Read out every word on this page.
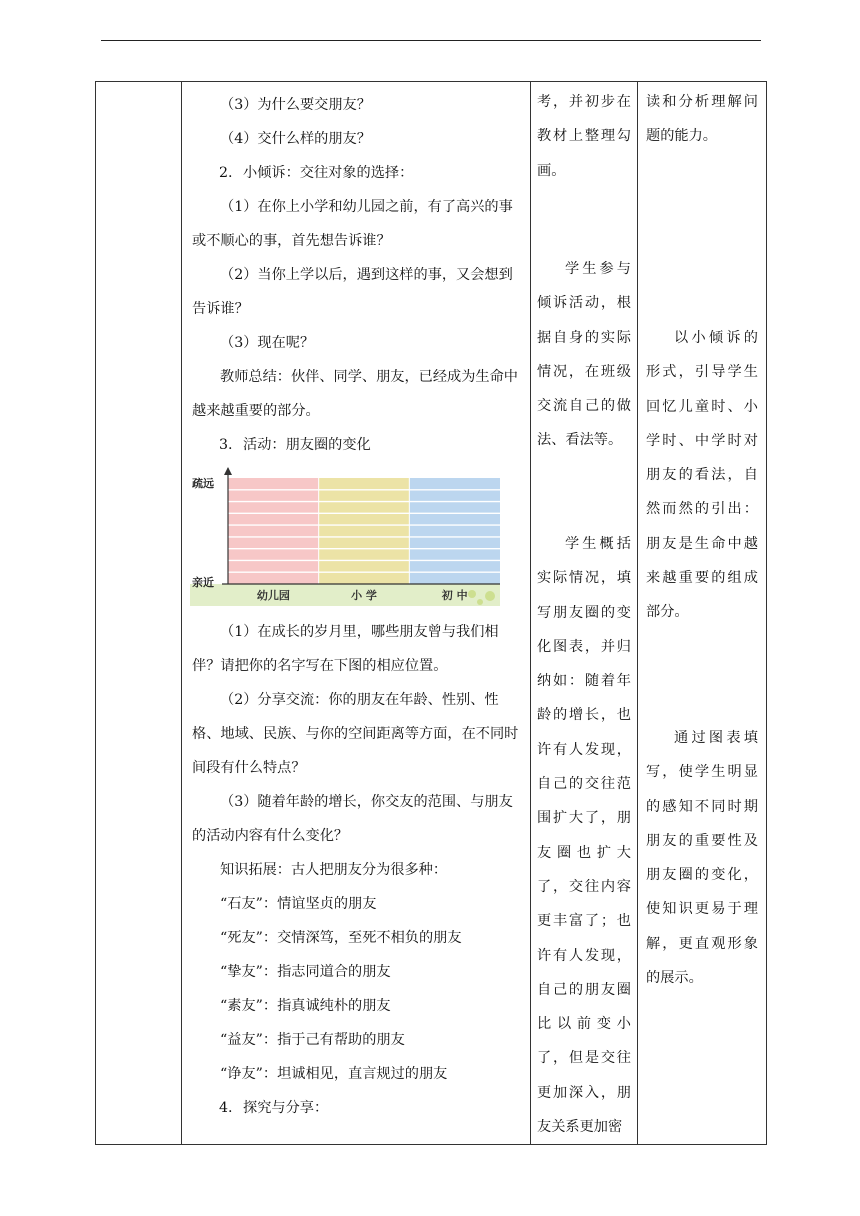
（3）为什么要交朋友？

（4）交什么样的朋友？

2. 小倾诉：交往对象的选择：

（1）在你上小学和幼儿园之前，有了高兴的事或不顺心的事，首先想告诉谁？

（2）当你上学以后，遇到这样的事，又会想到告诉谁？

（3）现在呢？

教师总结：伙伴、同学、朋友，已经成为生命中越来越重要的部分。

3. 活动：朋友圈的变化

疏远
亲近
幼儿园	小 学	初 中

（1）在成长的岁月里，哪些朋友曾与我们相伴？请把你的名字写在下图的相应位置。

（2）分享交流：你的朋友在年龄、性别、性格、地域、民族、与你的空间距离等方面，在不同时间段有什么特点？

（3）随着年龄的增长，你交友的范围、与朋友的活动内容有什么变化？

知识拓展：古人把朋友分为很多种：

“石友”：情谊坚贞的朋友

“死友”：交情深笃，至死不相负的朋友

“挚友”：指志同道合的朋友

“素友”：指真诚纯朴的朋友

“益友”：指于己有帮助的朋友

“诤友”：坦诚相见，直言规过的朋友

4. 探究与分享：

考，并初步在教材上整理勾画。

学生参与倾诉活动，根据自身的实际情况，在班级交流自己的做法、看法等。

学生概括实际情况，填写朋友圈的变化图表，并归纳如：随着年龄的增长，也许有人发现，自己的交往范围扩大了，朋友圈也扩大了，交往内容更丰富了；也许有人发现，自己的朋友圈比以前变小了，但是交往更加深入，朋友关系更加密

读和分析理解问题的能力。

以小倾诉的形式，引导学生回忆儿童时、小学时、中学时对朋友的看法，自然而然的引出：朋友是生命中越来越重要的组成部分。

通过图表填写，使学生明显的感知不同时期朋友的重要性及朋友圈的变化，使知识更易于理解，更直观形象的展示。
